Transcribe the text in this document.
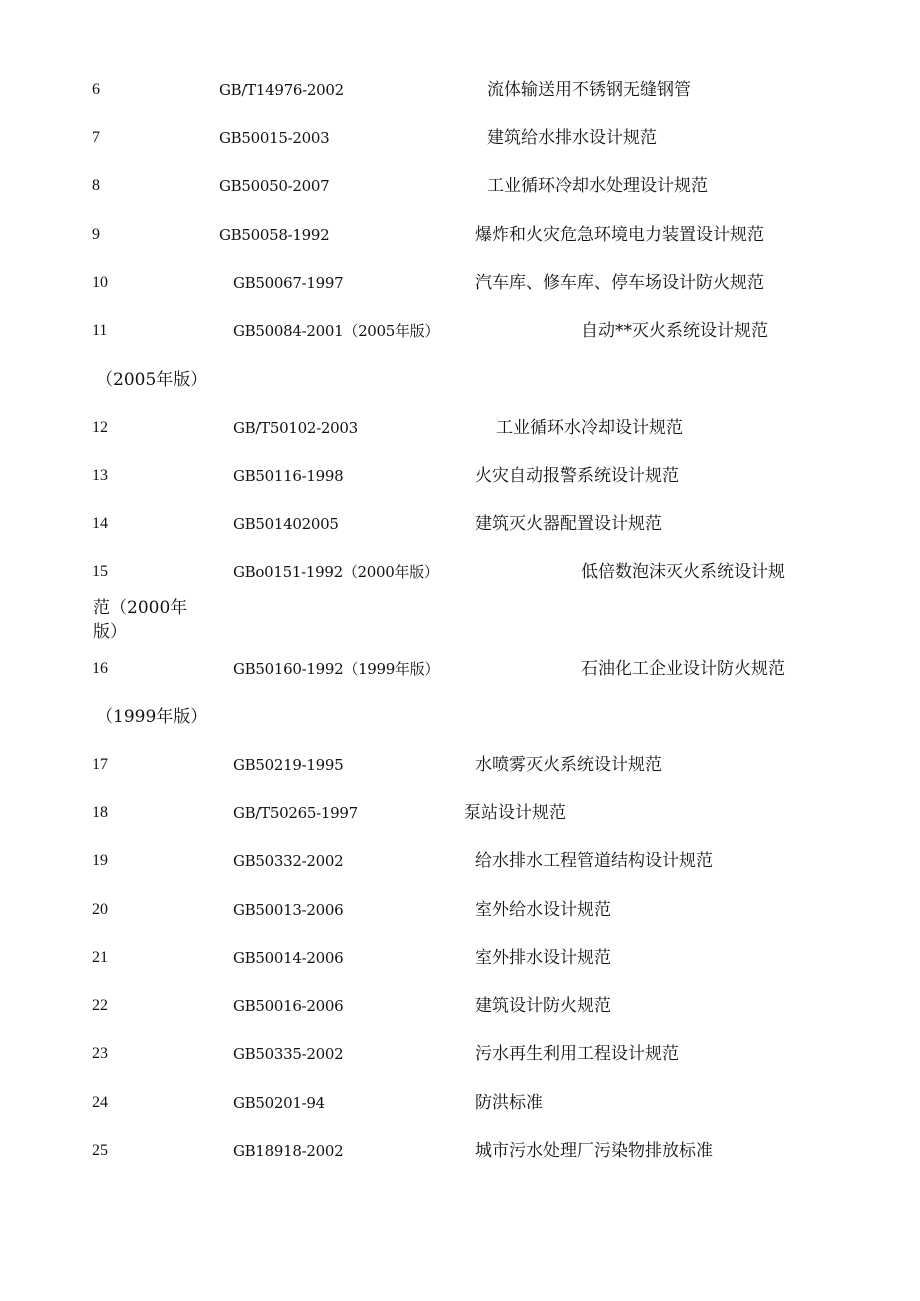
6	GB/T14976-2002	流体输送用不锈钢无缝钢管
7	GB50015-2003	建筑给水排水设计规范
8	GB50050-2007	工业循环冷却水处理设计规范
9	GB50058-1992	爆炸和火灾危急环境电力装置设计规范
10	GB50067-1997	汽车库、修车库、停车场设计防火规范
11	GB50084-2001（2005年版）	自动**灭火系统设计规范
（2005年版）
12	GB/T50102-2003	工业循环水冷却设计规范
13	GB50116-1998	火灾自动报警系统设计规范
14	GB501402005	建筑灭火器配置设计规范
15	GBo0151-1992（2000年版）	低倍数泡沫灭火系统设计规
范（2000年
版）
16	GB50160-1992（1999年版）	石油化工企业设计防火规范
（1999年版）
17	GB50219-1995	水喷雾灭火系统设计规范
18	GB/T50265-1997	泵站设计规范
19	GB50332-2002	给水排水工程管道结构设计规范
20	GB50013-2006	室外给水设计规范
21	GB50014-2006	室外排水设计规范
22	GB50016-2006	建筑设计防火规范
23	GB50335-2002	污水再生利用工程设计规范
24	GB50201-94	防洪标准
25	GB18918-2002	城市污水处理厂污染物排放标准
